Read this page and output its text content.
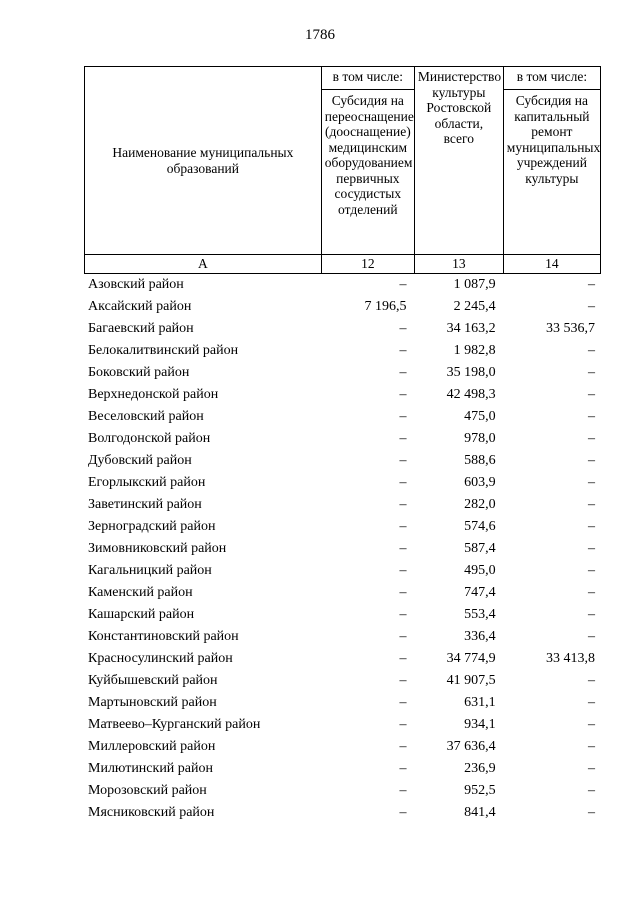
1786
Наименование муниципальных образований	в том числе:	Министерство культуры Ростовской области, всего	в том числе:
	Субсидия на переоснащение (дооснащение) медицинским оборудованием первичных сосудистых отделений		Субсидия на капитальный ремонт муниципальных учреждений культуры
А	12	13	14
Азовский район	–	1 087,9	–
Аксайский район	7 196,5	2 245,4	–
Багаевский район	–	34 163,2	33 536,7
Белокалитвинский район	–	1 982,8	–
Боковский район	–	35 198,0	–
Верхнедонской район	–	42 498,3	–
Веселовский район	–	475,0	–
Волгодонской район	–	978,0	–
Дубовский район	–	588,6	–
Егорлыкский район	–	603,9	–
Заветинский район	–	282,0	–
Зерноградский район	–	574,6	–
Зимовниковский район	–	587,4	–
Кагальницкий район	–	495,0	–
Каменский район	–	747,4	–
Кашарский район	–	553,4	–
Константиновский район	–	336,4	–
Красносулинский район	–	34 774,9	33 413,8
Куйбышевский район	–	41 907,5	–
Мартыновский район	–	631,1	–
Матвеево–Курганский район	–	934,1	–
Миллеровский район	–	37 636,4	–
Милютинский район	–	236,9	–
Морозовский район	–	952,5	–
Мясниковский район	–	841,4	–
